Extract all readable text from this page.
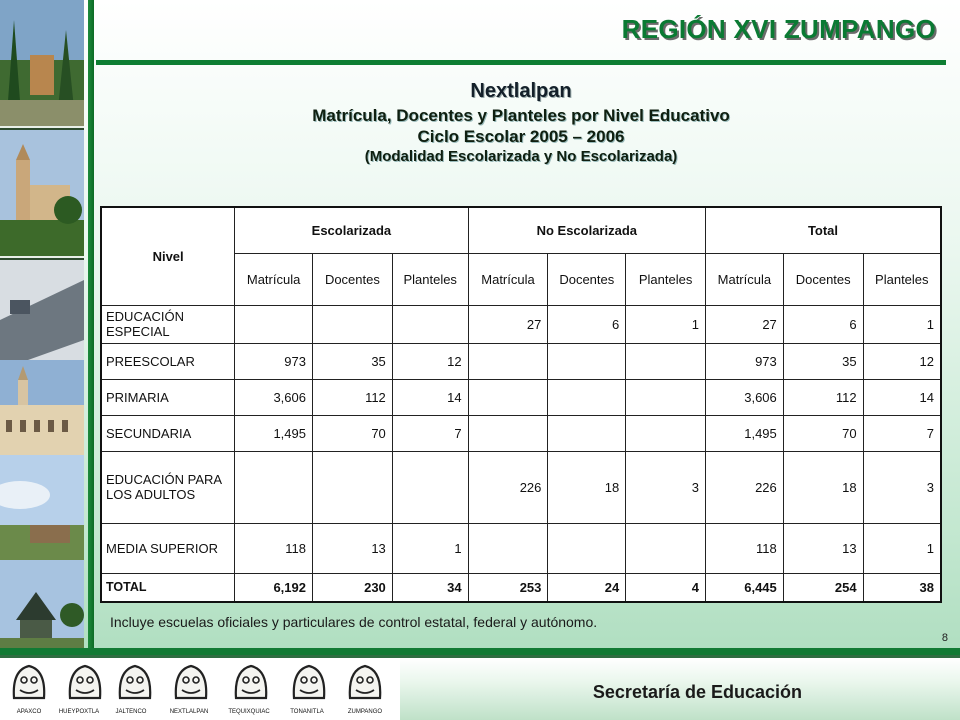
REGIÓN XVI ZUMPANGO
Nextlalpan
Matrícula, Docentes y Planteles por Nivel Educativo
Ciclo Escolar 2005 – 2006
(Modalidad Escolarizada y No Escolarizada)
Nivel	Escolarizada			No Escolarizada			Total		
	Matrícula	Docentes	Planteles	Matrícula	Docentes	Planteles	Matrícula	Docentes	Planteles
EDUCACIÓN ESPECIAL				27	6	1	27	6	1
PREESCOLAR	973	35	12				973	35	12
PRIMARIA	3,606	112	14				3,606	112	14
SECUNDARIA	1,495	70	7				1,495	70	7
EDUCACIÓN PARA LOS ADULTOS				226	18	3	226	18	3
MEDIA SUPERIOR	118	13	1				118	13	1
TOTAL	6,192	230	34	253	24	4	6,445	254	38
Incluye escuelas oficiales y particulares de control estatal, federal y autónomo.
8
APAXCO	HUEYPOXTLA	JALTENCO	NEXTLALPAN	TEQUIXQUIAC	TONANITLA	ZUMPANGO
Secretaría de Educación
